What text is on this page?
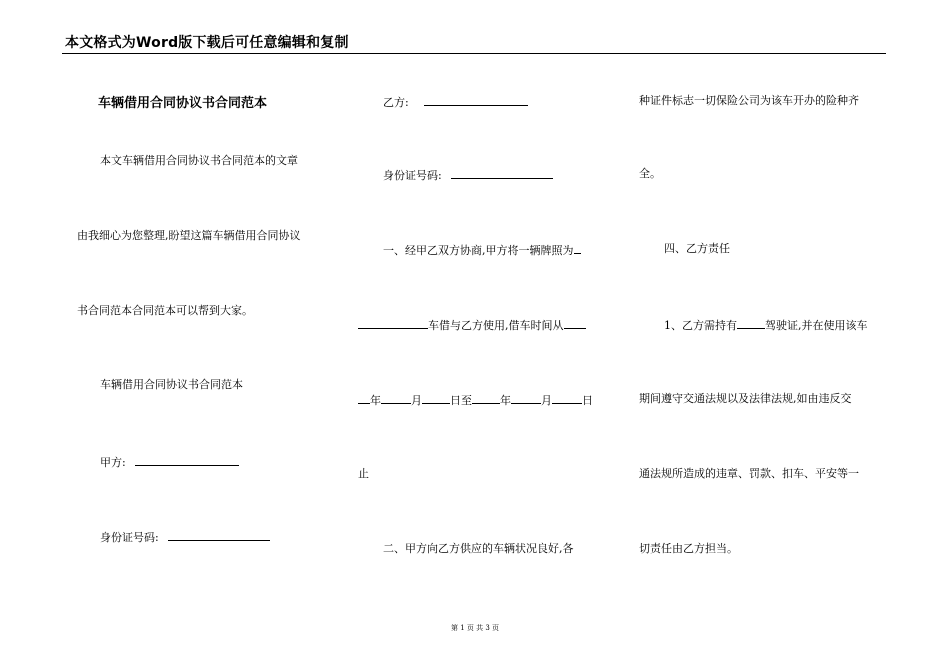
本文格式为Word版下载后可任意编辑和复制
车辆借用合同协议书合同范本
本文车辆借用合同协议书合同范本的文章
由我细心为您整理,盼望这篇车辆借用合同协议
书合同范本合同范本可以帮到大家。
车辆借用合同协议书合同范本
甲方:
身份证号码:
乙方:
身份证号码:
一、经甲乙双方协商,甲方将一辆牌照为
车借与乙方使用,借车时间从
年	月	日至	年	月	日
止
二、甲方向乙方供应的车辆状况良好,各
种证件标志一切保险公司为该车开办的险种齐
全。
四、乙方责任
1、乙方需持有	驾驶证,并在使用该车
期间遵守交通法规以及法律法规,如由违反交
通法规所造成的违章、罚款、扣车、平安等一
切责任由乙方担当。
第 1 页 共 3 页
